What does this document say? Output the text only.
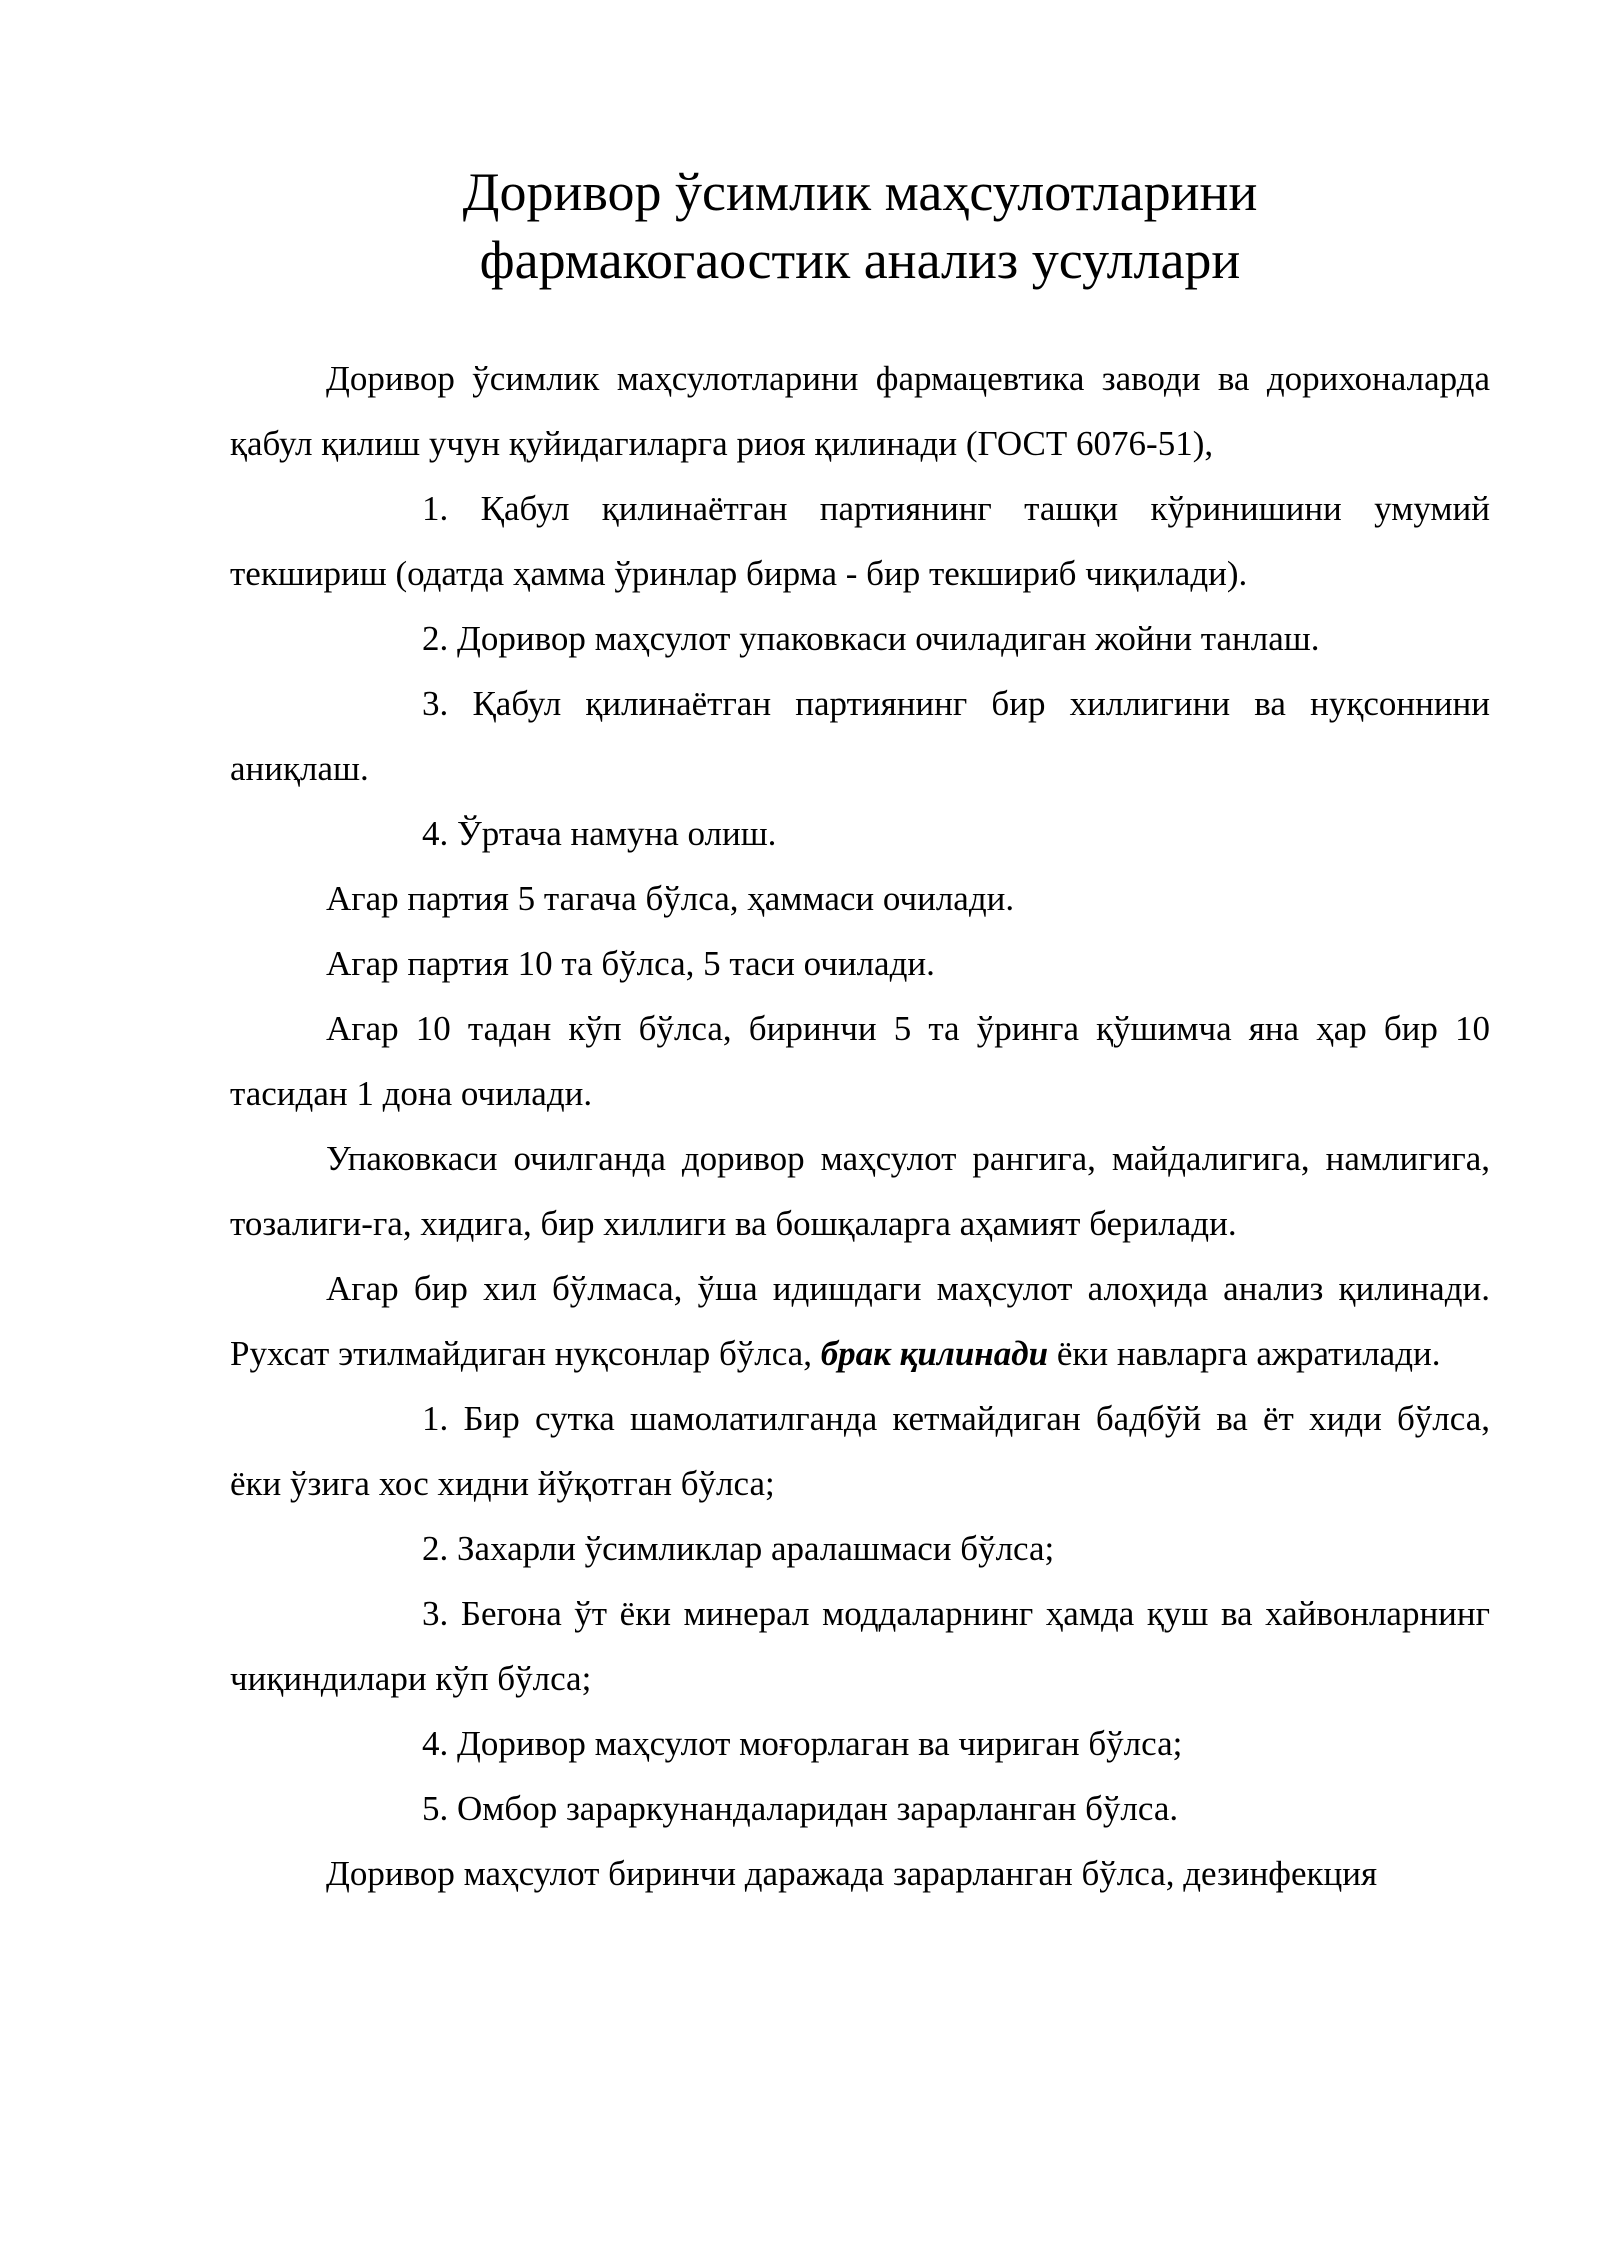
Доривор ўсимлик маҳсулотларини
фармакогаостик анализ усуллари

Доривор ўсимлик маҳсулотларини фармацевтика заводи ва дорихоналарда қабул қилиш учун қуйидагиларга риоя қилинади (ГОСТ 6076-51),

1. Қабул қилинаётган партиянинг ташқи кўринишини умумий текшириш (одатда ҳамма ўринлар бирма - бир текшириб чиқилади).

2. Доривор маҳсулот упаковкаси очиладиган жойни танлаш.

3. Қабул қилинаётган партиянинг бир хиллигини ва нуқсоннини аниқлаш.

4. Ўртача намуна олиш.

Агар партия 5 тагача бўлса, ҳаммаси очилади.

Агар партия 10 та бўлса, 5 таси очилади.

Агар 10 тадан кўп бўлса, биринчи 5 та ўринга қўшимча яна ҳар бир 10 тасидан 1 дона очилади.

Упаковкаси очилганда доривор маҳсулот рангига, майдалигига, намлигига, тозалиги-га, хидига, бир хиллиги ва бошқаларга аҳамият берилади.

Агар бир хил бўлмаса, ўша идишдаги маҳсулот алоҳида анализ қилинади. Рухсат этилмайдиган нуқсонлар бўлса, брак қилинади ёки навларга ажратилади.

1. Бир сутка шамолатилганда кетмайдиган бадбўй ва ёт хиди бўлса, ёки ўзига хос хидни йўқотган бўлса;

2. Захарли ўсимликлар аралашмаси бўлса;

3. Бегона ўт ёки минерал моддаларнинг ҳамда қуш ва хайвонларнинг чиқиндилари кўп бўлса;

4. Доривор маҳсулот моғорлаган ва чириган бўлса;

5. Омбор зараркунандаларидан зарарланган бўлса.

Доривор маҳсулот биринчи даражада зарарланган бўлса, дезинфекция
